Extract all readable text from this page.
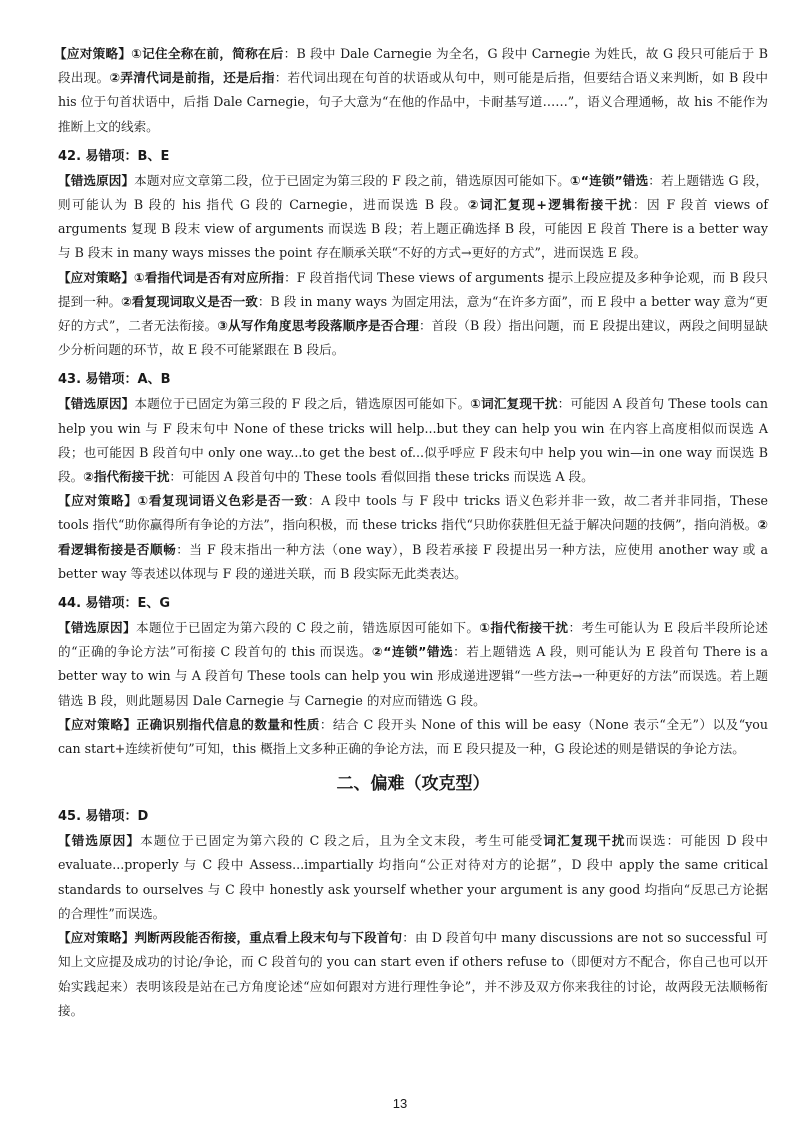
【应对策略】①记住全称在前，简称在后：B 段中 Dale Carnegie 为全名，G 段中 Carnegie 为姓氏，故 G 段只可能后于 B 段出现。②弄清代词是前指，还是后指：若代词出现在句首的状语或从句中，则可能是后指，但要结合语义来判断，如 B 段中 his 位于句首状语中，后指 Dale Carnegie，句子大意为“在他的作品中，卡耐基写道……”，语义合理通畅，故 his 不能作为推断上文的线索。

42. 易错项：B、E

【错选原因】本题对应文章第二段，位于已固定为第三段的 F 段之前，错选原因可能如下。①“连锁”错选：若上题错选 G 段，则可能认为 B 段的 his 指代 G 段的 Carnegie，进而误选 B 段。②词汇复现+逻辑衔接干扰：因 F 段首 views of arguments 复现 B 段末 view of arguments 而误选 B 段；若上题正确选择 B 段，可能因 E 段首 There is a better way 与 B 段末 in many ways misses the point 存在顺承关联“不好的方式→更好的方式”，进而误选 E 段。

【应对策略】①看指代词是否有对应所指：F 段首指代词 These views of arguments 提示上段应提及多种争论观，而 B 段只提到一种。②看复现词取义是否一致：B 段 in many ways 为固定用法，意为“在许多方面”，而 E 段中 a better way 意为“更好的方式”，二者无法衔接。③从写作角度思考段落顺序是否合理：首段（B 段）指出问题，而 E 段提出建议，两段之间明显缺少分析问题的环节，故 E 段不可能紧跟在 B 段后。

43. 易错项：A、B

【错选原因】本题位于已固定为第三段的 F 段之后，错选原因可能如下。①词汇复现干扰：可能因 A 段首句 These tools can help you win 与 F 段末句中 None of these tricks will help...but they can help you win 在内容上高度相似而误选 A 段；也可能因 B 段首句中 only one way...to get the best of...似乎呼应 F 段末句中 help you win—in one way 而误选 B 段。②指代衔接干扰：可能因 A 段首句中的 These tools 看似回指 these tricks 而误选 A 段。

【应对策略】①看复现词语义色彩是否一致：A 段中 tools 与 F 段中 tricks 语义色彩并非一致，故二者并非同指，These tools 指代“助你赢得所有争论的方法”，指向积极，而 these tricks 指代“只助你获胜但无益于解决问题的技俩”，指向消极。②看逻辑衔接是否顺畅：当 F 段末指出一种方法（one way），B 段若承接 F 段提出另一种方法，应使用 another way 或 a better way 等表述以体现与 F 段的递进关联，而 B 段实际无此类表达。

44. 易错项：E、G

【错选原因】本题位于已固定为第六段的 C 段之前，错选原因可能如下。①指代衔接干扰：考生可能认为 E 段后半段所论述的“正确的争论方法”可衔接 C 段首句的 this 而误选。②“连锁”错选：若上题错选 A 段，则可能认为 E 段首句 There is a better way to win 与 A 段首句 These tools can help you win 形成递进逻辑“一些方法→一种更好的方法”而误选。若上题错选 B 段，则此题易因 Dale Carnegie 与 Carnegie 的对应而错选 G 段。

【应对策略】正确识别指代信息的数量和性质：结合 C 段开头 None of this will be easy（None 表示“全无”）以及“you can start+连续祈使句”可知，this 概指上文多种正确的争论方法，而 E 段只提及一种，G 段论述的则是错误的争论方法。

二、偏难（攻克型）
45. 易错项：D

【错选原因】本题位于已固定为第六段的 C 段之后，且为全文末段，考生可能受词汇复现干扰而误选：可能因 D 段中 evaluate...properly 与 C 段中 Assess...impartially 均指向“公正对待对方的论据”，D 段中 apply the same critical standards to ourselves 与 C 段中 honestly ask yourself whether your argument is any good 均指向“反思己方论据的合理性”而误选。

【应对策略】判断两段能否衔接，重点看上段末句与下段首句：由 D 段首句中 many discussions are not so successful 可知上文应提及成功的讨论/争论，而 C 段首句的 you can start even if others refuse to（即便对方不配合，你自己也可以开始实践起来）表明该段是站在己方角度论述“应如何跟对方进行理性争论”，并不涉及双方你来我往的讨论，故两段无法顺畅衔接。

13
